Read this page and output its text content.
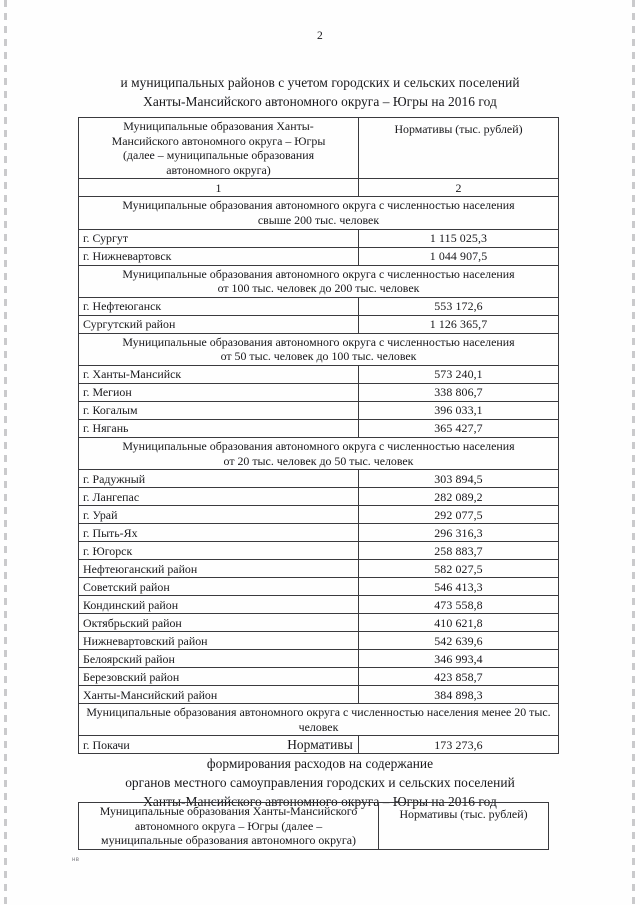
2
и муниципальных районов с учетом городских и сельских поселений
Ханты-Мансийского автономного округа – Югры на 2016 год
Муниципальные образования Ханты-
Мансийского автономного округа – Югры
(далее – муниципальные образования
автономного округа)	Нормативы (тыс. рублей)
1	2

Муниципальные образования автономного округа с численностью населения
свыше 200 тыс. человек	

г. Сургут	1 115 025,3
г. Нижневартовск	1 044 907,5

Муниципальные образования автономного округа с численностью населения
от 100 тыс. человек до 200 тыс. человек	

г. Нефтеюганск	553 172,6
Сургутский район	1 126 365,7

Муниципальные образования автономного округа с численностью населения
от 50 тыс. человек до 100 тыс. человек	

г. Ханты-Мансийск	573 240,1
г. Мегион	338 806,7
г. Когалым	396 033,1
г. Нягань	365 427,7

Муниципальные образования автономного округа с численностью населения
от 20 тыс. человек до 50 тыс. человек	

г. Радужный	303 894,5
г. Лангепас	282 089,2
г. Урай	292 077,5
г. Пыть-Ях	296 316,3
г. Югорск	258 883,7
Нефтеюганский район	582 027,5
Советский район	546 413,3
Кондинский район	473 558,8
Октябрьский район	410 621,8
Нижневартовский район	542 639,6
Белоярский район	346 993,4
Березовский район	423 858,7
Ханты-Мансийский район	384 898,3

Муниципальные образования автономного округа с численностью населения менее 20 тыс.
человек	

г. Покачи	173 273,6
Нормативы
формирования расходов на содержание
органов местного самоуправления городских и сельских поселений
Ханты-Мансийского автономного округа – Югры на 2016 год
Муниципальные образования Ханты-Мансийского
автономного округа – Югры (далее –
муниципальные образования автономного округа)
	Нормативы (тыс. рублей)
нв
